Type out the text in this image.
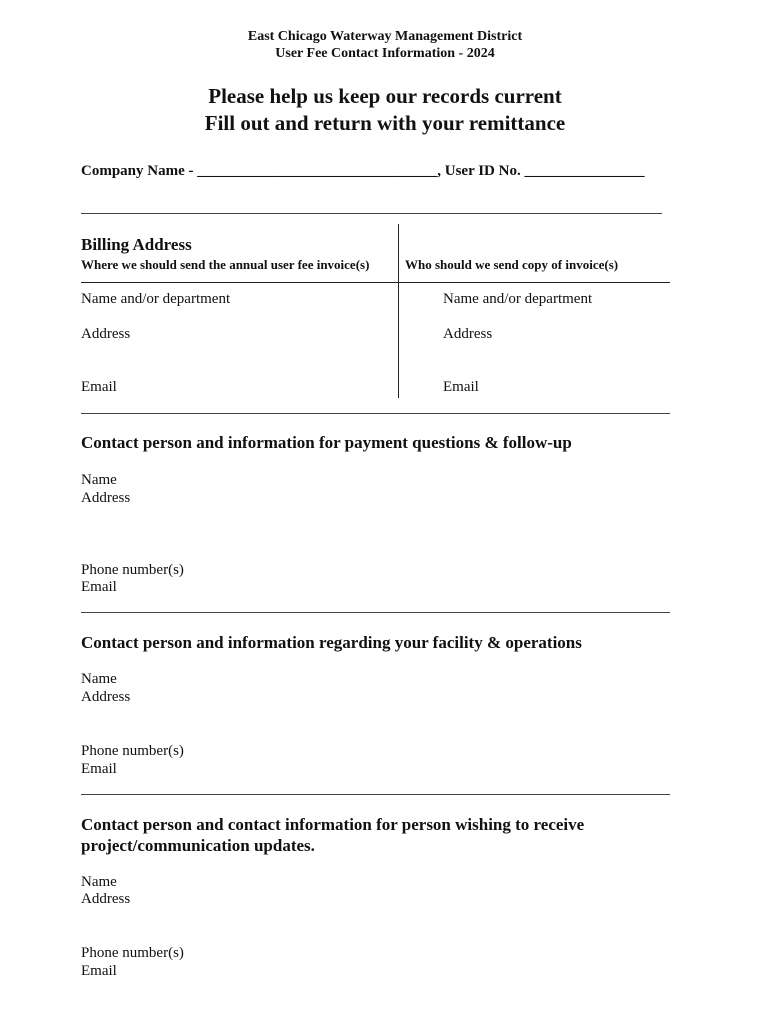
East Chicago Waterway Management District
User Fee Contact Information - 2024
Please help us keep our records current
Fill out and return with your remittance
Company Name - ________________________________, User ID No. ________________
Billing Address
Where we should send the annual user fee invoice(s)	Who should we send copy of invoice(s)
Name and/or department
Address
Email
Name and/or department
Address
Email
Contact person and information for payment questions & follow-up
Name
Address
Phone number(s)
Email
Contact person and information regarding your facility & operations
Name
Address
Phone number(s)
Email
Contact person and contact information for person wishing to receive
project/communication updates.
Name
Address
Phone number(s)
Email
